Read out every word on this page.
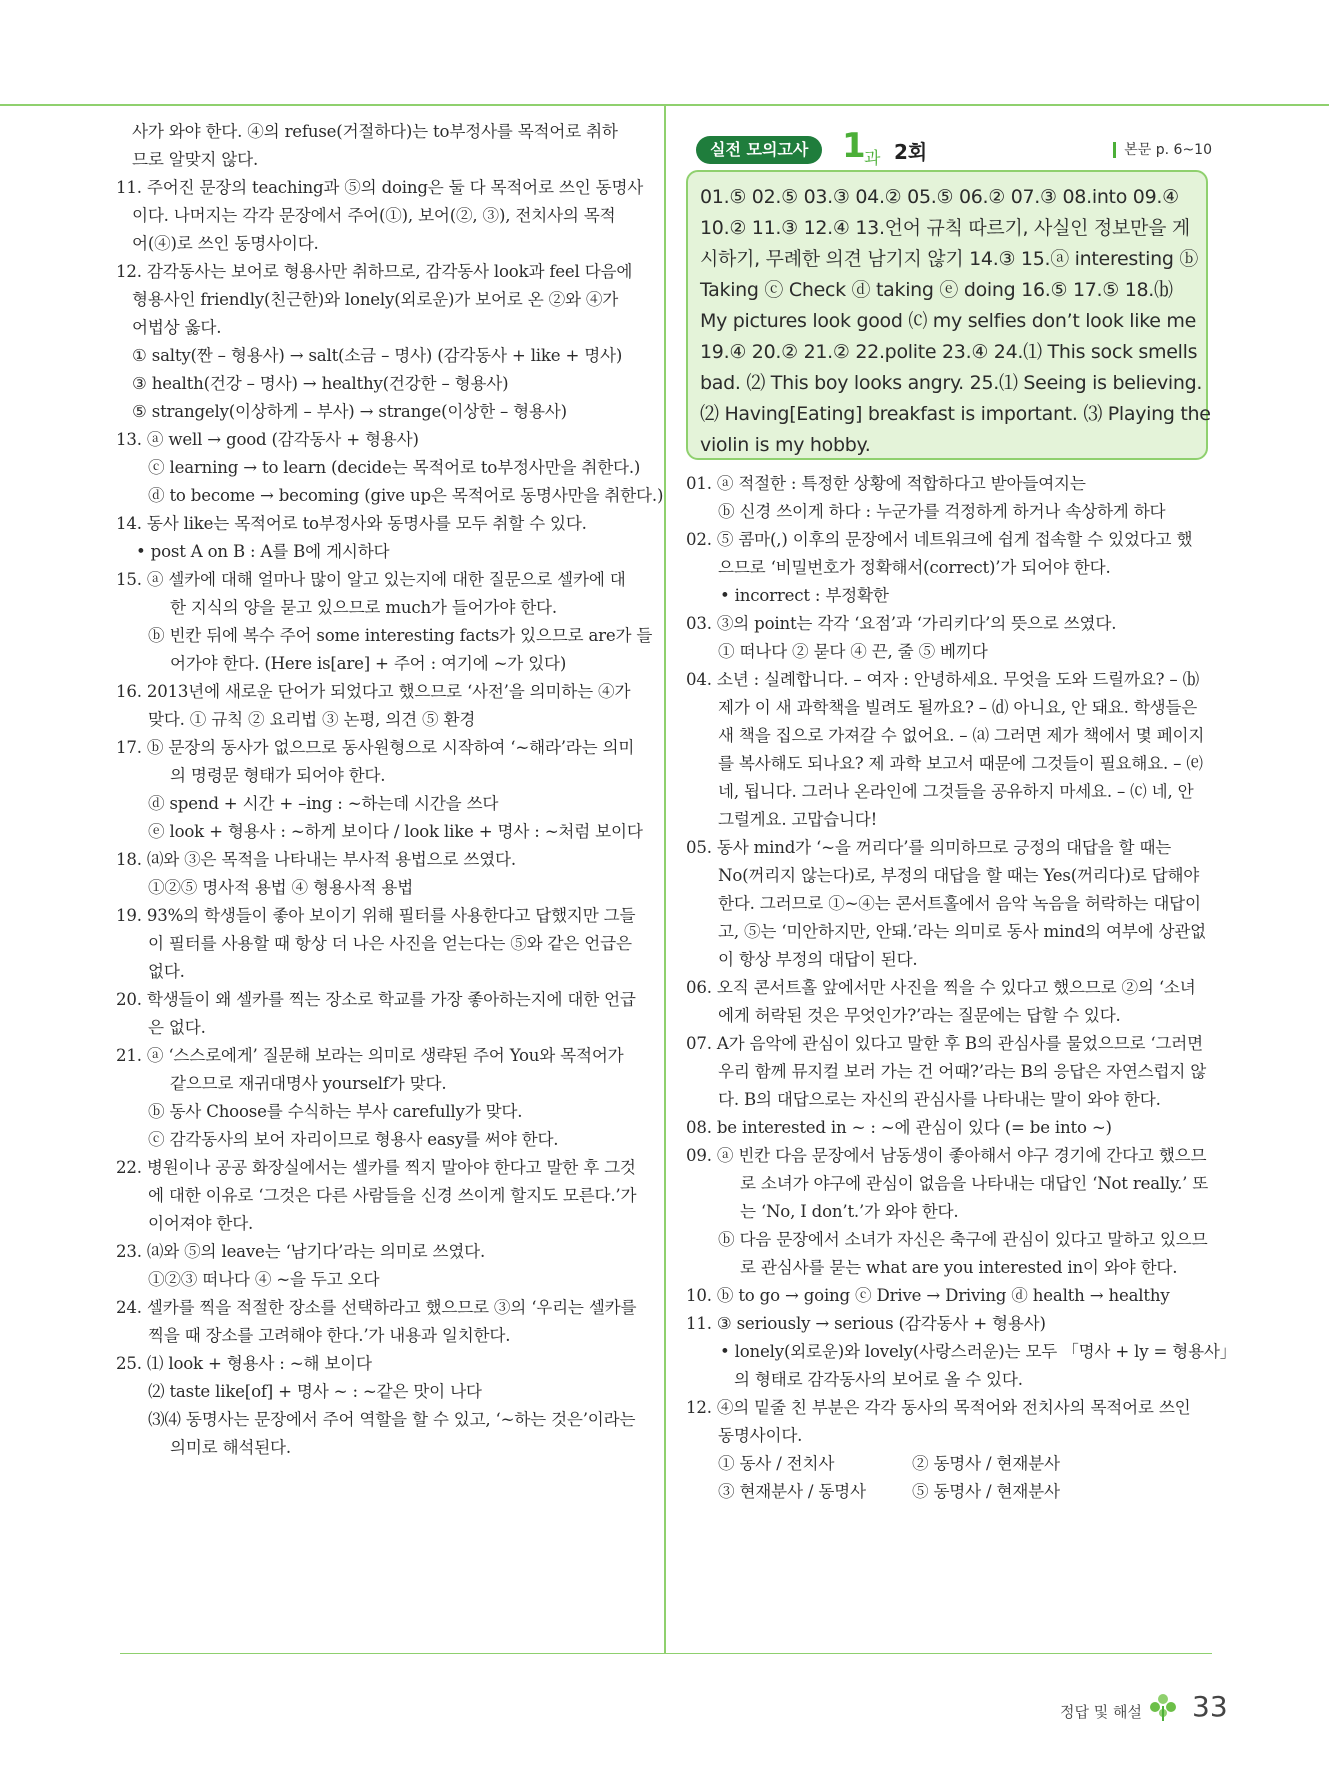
사가 와야 한다. ④의 refuse(거절하다)는 to부정사를 목적어로 취하
므로 알맞지 않다.
11. 주어진 문장의 teaching과 ⑤의 doing은 둘 다 목적어로 쓰인 동명사
이다. 나머지는 각각 문장에서 주어(①), 보어(②, ③), 전치사의 목적
어(④)로 쓰인 동명사이다.
12. 감각동사는 보어로 형용사만 취하므로, 감각동사 look과 feel 다음에
형용사인 friendly(친근한)와 lonely(외로운)가 보어로 온 ②와 ④가
어법상 옳다.
① salty(짠 – 형용사) → salt(소금 – 명사) (감각동사 + like + 명사)
③ health(건강 – 명사) → healthy(건강한 – 형용사)
⑤ strangely(이상하게 – 부사) → strange(이상한 – 형용사)
13. ⓐ well → good (감각동사 + 형용사)
ⓒ learning → to learn (decide는 목적어로 to부정사만을 취한다.)
ⓓ to become → becoming (give up은 목적어로 동명사만을 취한다.)
14. 동사 like는 목적어로 to부정사와 동명사를 모두 취할 수 있다.
• post A on B : A를 B에 게시하다
15. ⓐ 셀카에 대해 얼마나 많이 알고 있는지에 대한 질문으로 셀카에 대
한 지식의 양을 묻고 있으므로 much가 들어가야 한다.
ⓑ 빈칸 뒤에 복수 주어 some interesting facts가 있으므로 are가 들
어가야 한다. (Here is[are] + 주어 : 여기에 ~가 있다)
16. 2013년에 새로운 단어가 되었다고 했으므로 ‘사전’을 의미하는 ④가
맞다. ① 규칙 ② 요리법 ③ 논평, 의견 ⑤ 환경
17. ⓑ 문장의 동사가 없으므로 동사원형으로 시작하여 ‘~해라’라는 의미
의 명령문 형태가 되어야 한다.
ⓓ spend + 시간 + –ing : ~하는데 시간을 쓰다
ⓔ look + 형용사 : ~하게 보이다 / look like + 명사 : ~처럼 보이다
18. ⒜와 ③은 목적을 나타내는 부사적 용법으로 쓰였다.
①②⑤ 명사적 용법 ④ 형용사적 용법
19. 93%의 학생들이 좋아 보이기 위해 필터를 사용한다고 답했지만 그들
이 필터를 사용할 때 항상 더 나은 사진을 얻는다는 ⑤와 같은 언급은
없다.
20. 학생들이 왜 셀카를 찍는 장소로 학교를 가장 좋아하는지에 대한 언급
은 없다.
21. ⓐ ‘스스로에게’ 질문해 보라는 의미로 생략된 주어 You와 목적어가
같으므로 재귀대명사 yourself가 맞다.
ⓑ 동사 Choose를 수식하는 부사 carefully가 맞다.
ⓒ 감각동사의 보어 자리이므로 형용사 easy를 써야 한다.
22. 병원이나 공공 화장실에서는 셀카를 찍지 말아야 한다고 말한 후 그것
에 대한 이유로 ‘그것은 다른 사람들을 신경 쓰이게 할지도 모른다.’가
이어져야 한다.
23. ⒜와 ⑤의 leave는 ‘남기다’라는 의미로 쓰였다.
①②③ 떠나다 ④ ~을 두고 오다
24. 셀카를 찍을 적절한 장소를 선택하라고 했으므로 ③의 ‘우리는 셀카를
찍을 때 장소를 고려해야 한다.’가 내용과 일치한다.
25. ⑴ look + 형용사 : ~해 보이다
⑵ taste like[of] + 명사 ~ : ~같은 맛이 나다
⑶⑷ 동명사는 문장에서 주어 역할을 할 수 있고, ‘~하는 것은’이라는
의미로 해석된다.
실전 모의고사 1
과 2회	본문 p. 6~10
01.⑤ 02.⑤ 03.③ 04.② 05.⑤ 06.② 07.③ 08.into 09.④
10.② 11.③ 12.④ 13.언어 규칙 따르기, 사실인 정보만을 게
시하기, 무례한 의견 남기지 않기 14.③ 15.ⓐ interesting ⓑ
Taking ⓒ Check ⓓ taking ⓔ doing 16.⑤ 17.⑤ 18.⒝
My pictures look good ⒞ my selfies don’t look like me
19.④ 20.② 21.② 22.polite 23.④ 24.⑴ This sock smells
bad. ⑵ This boy looks angry. 25.⑴ Seeing is believing.
⑵ Having[Eating] breakfast is important. ⑶ Playing the
violin is my hobby.
01. ⓐ 적절한 : 특정한 상황에 적합하다고 받아들여지는
ⓑ 신경 쓰이게 하다 : 누군가를 걱정하게 하거나 속상하게 하다
02. ⑤ 콤마(,) 이후의 문장에서 네트워크에 쉽게 접속할 수 있었다고 했
으므로 ‘비밀번호가 정확해서(correct)’가 되어야 한다.
• incorrect : 부정확한
03. ③의 point는 각각 ‘요점’과 ‘가리키다’의 뜻으로 쓰였다.
① 떠나다 ② 묻다 ④ 끈, 줄 ⑤ 베끼다
04. 소년 : 실례합니다. – 여자 : 안녕하세요. 무엇을 도와 드릴까요? – ⒝
제가 이 새 과학책을 빌려도 될까요? – ⒟ 아니요, 안 돼요. 학생들은
새 책을 집으로 가져갈 수 없어요. – ⒜ 그러면 제가 책에서 몇 페이지
를 복사해도 되나요? 제 과학 보고서 때문에 그것들이 필요해요. – ⒠
네, 됩니다. 그러나 온라인에 그것들을 공유하지 마세요. – ⒞ 네, 안
그럴게요. 고맙습니다!
05. 동사 mind가 ‘~을 꺼리다’를 의미하므로 긍정의 대답을 할 때는
No(꺼리지 않는다)로, 부정의 대답을 할 때는 Yes(꺼리다)로 답해야
한다. 그러므로 ①~④는 콘서트홀에서 음악 녹음을 허락하는 대답이
고, ⑤는 ‘미안하지만, 안돼.’라는 의미로 동사 mind의 여부에 상관없
이 항상 부정의 대답이 된다.
06. 오직 콘서트홀 앞에서만 사진을 찍을 수 있다고 했으므로 ②의 ‘소녀
에게 허락된 것은 무엇인가?’라는 질문에는 답할 수 있다.
07. A가 음악에 관심이 있다고 말한 후 B의 관심사를 물었으므로 ‘그러면
우리 함께 뮤지컬 보러 가는 건 어때?’라는 B의 응답은 자연스럽지 않
다. B의 대답으로는 자신의 관심사를 나타내는 말이 와야 한다.
08. be interested in ~ : ~에 관심이 있다 (= be into ~)
09. ⓐ 빈칸 다음 문장에서 남동생이 좋아해서 야구 경기에 간다고 했으므
로 소녀가 야구에 관심이 없음을 나타내는 대답인 ‘Not really.’ 또
는 ‘No, I don’t.’가 와야 한다.
ⓑ 다음 문장에서 소녀가 자신은 축구에 관심이 있다고 말하고 있으므
로 관심사를 묻는 what are you interested in이 와야 한다.
10. ⓑ to go → going ⓒ Drive → Driving ⓓ health → healthy
11. ③ seriously → serious (감각동사 + 형용사)
• lonely(외로운)와 lovely(사랑스러운)는 모두 「명사 + ly = 형용사」
의 형태로 감각동사의 보어로 올 수 있다.
12. ④의 밑줄 친 부분은 각각 동사의 목적어와 전치사의 목적어로 쓰인
동명사이다.
① 동사 / 전치사	② 동명사 / 현재분사
③ 현재분사 / 동명사	⑤ 동명사 / 현재분사
정답 및 해설 33
